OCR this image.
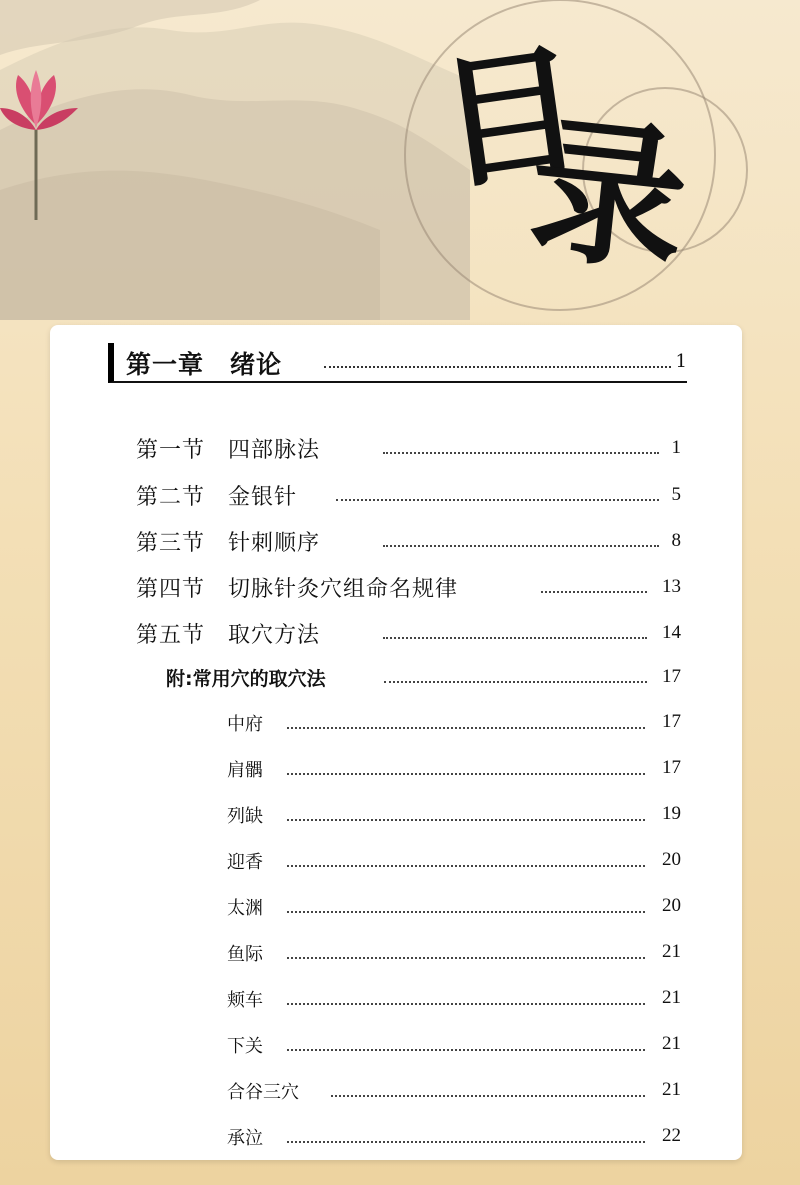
目
录
第一章　绪论	1
第一节　四部脉法	1
第二节　金银针	5
第三节　针刺顺序	8
第四节　切脉针灸穴组命名规律	13
第五节　取穴方法	14
附:常用穴的取穴法	17
中府	17
肩髃	17
列缺	19
迎香	20
太渊	20
鱼际	21
颊车	21
下关	21
合谷三穴	21
承泣	22
